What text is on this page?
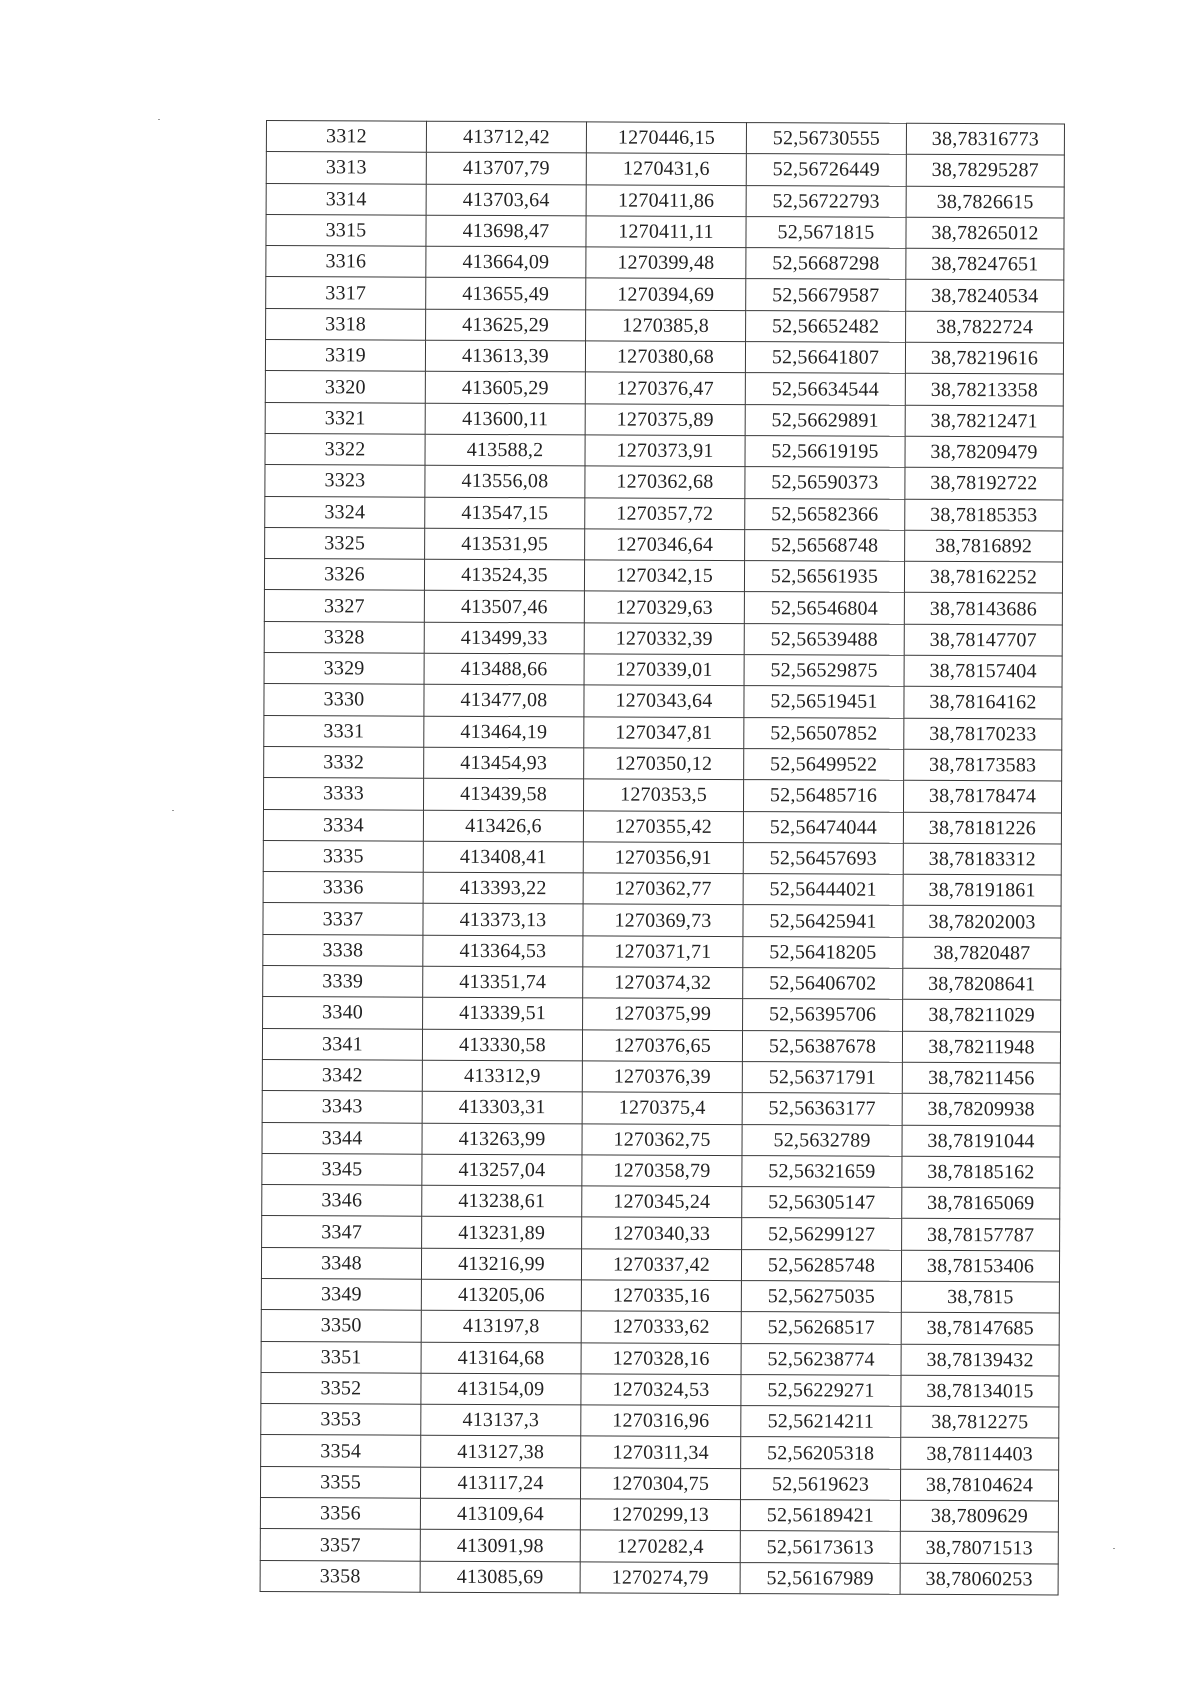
3312	413712,42	1270446,15	52,56730555	38,78316773
3313	413707,79	1270431,6	52,56726449	38,78295287
3314	413703,64	1270411,86	52,56722793	38,7826615
3315	413698,47	1270411,11	52,5671815	38,78265012
3316	413664,09	1270399,48	52,56687298	38,78247651
3317	413655,49	1270394,69	52,56679587	38,78240534
3318	413625,29	1270385,8	52,56652482	38,7822724
3319	413613,39	1270380,68	52,56641807	38,78219616
3320	413605,29	1270376,47	52,56634544	38,78213358
3321	413600,11	1270375,89	52,56629891	38,78212471
3322	413588,2	1270373,91	52,56619195	38,78209479
3323	413556,08	1270362,68	52,56590373	38,78192722
3324	413547,15	1270357,72	52,56582366	38,78185353
3325	413531,95	1270346,64	52,56568748	38,7816892
3326	413524,35	1270342,15	52,56561935	38,78162252
3327	413507,46	1270329,63	52,56546804	38,78143686
3328	413499,33	1270332,39	52,56539488	38,78147707
3329	413488,66	1270339,01	52,56529875	38,78157404
3330	413477,08	1270343,64	52,56519451	38,78164162
3331	413464,19	1270347,81	52,56507852	38,78170233
3332	413454,93	1270350,12	52,56499522	38,78173583
3333	413439,58	1270353,5	52,56485716	38,78178474
3334	413426,6	1270355,42	52,56474044	38,78181226
3335	413408,41	1270356,91	52,56457693	38,78183312
3336	413393,22	1270362,77	52,56444021	38,78191861
3337	413373,13	1270369,73	52,56425941	38,78202003
3338	413364,53	1270371,71	52,56418205	38,7820487
3339	413351,74	1270374,32	52,56406702	38,78208641
3340	413339,51	1270375,99	52,56395706	38,78211029
3341	413330,58	1270376,65	52,56387678	38,78211948
3342	413312,9	1270376,39	52,56371791	38,78211456
3343	413303,31	1270375,4	52,56363177	38,78209938
3344	413263,99	1270362,75	52,5632789	38,78191044
3345	413257,04	1270358,79	52,56321659	38,78185162
3346	413238,61	1270345,24	52,56305147	38,78165069
3347	413231,89	1270340,33	52,56299127	38,78157787
3348	413216,99	1270337,42	52,56285748	38,78153406
3349	413205,06	1270335,16	52,56275035	38,7815
3350	413197,8	1270333,62	52,56268517	38,78147685
3351	413164,68	1270328,16	52,56238774	38,78139432
3352	413154,09	1270324,53	52,56229271	38,78134015
3353	413137,3	1270316,96	52,56214211	38,7812275
3354	413127,38	1270311,34	52,56205318	38,78114403
3355	413117,24	1270304,75	52,5619623	38,78104624
3356	413109,64	1270299,13	52,56189421	38,7809629
3357	413091,98	1270282,4	52,56173613	38,78071513
3358	413085,69	1270274,79	52,56167989	38,78060253
